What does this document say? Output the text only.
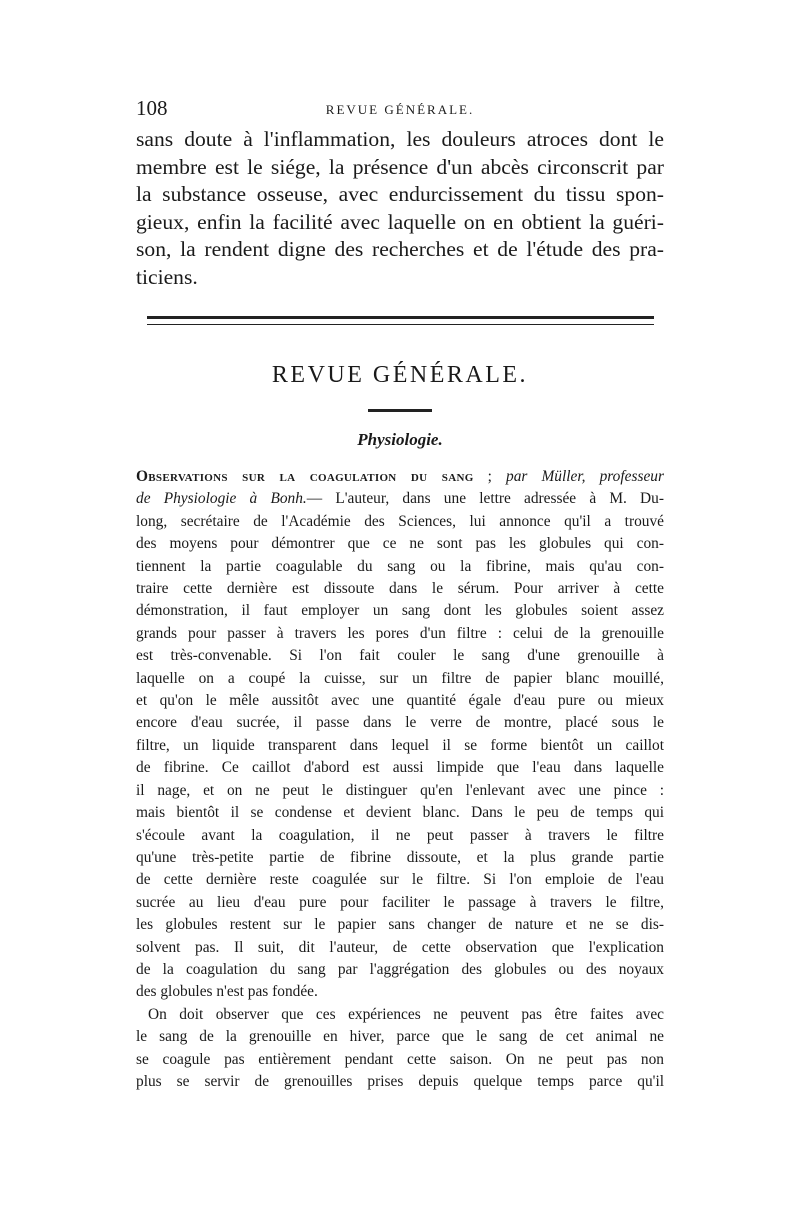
108	REVUE GÉNÉRALE.
sans doute à l'inflammation, les douleurs atroces dont le
membre est le siége, la présence d'un abcès circonscrit par
la substance osseuse, avec endurcissement du tissu spon-
gieux, enfin la facilité avec laquelle on en obtient la guéri-
son, la rendent digne des recherches et de l'étude des pra-
ticiens.
REVUE GÉNÉRALE.
Physiologie.
Observations sur la coagulation du sang ; par Müller, professeur
de Physiologie à Bonh.— L'auteur, dans une lettre adressée à M. Du-
long, secrétaire de l'Académie des Sciences, lui annonce qu'il a trouvé
des moyens pour démontrer que ce ne sont pas les globules qui con-
tiennent la partie coagulable du sang ou la fibrine, mais qu'au con-
traire cette dernière est dissoute dans le sérum. Pour arriver à cette
démonstration, il faut employer un sang dont les globules soient assez
grands pour passer à travers les pores d'un filtre : celui de la grenouille
est très-convenable. Si l'on fait couler le sang d'une grenouille à
laquelle on a coupé la cuisse, sur un filtre de papier blanc mouillé,
et qu'on le mêle aussitôt avec une quantité égale d'eau pure ou mieux
encore d'eau sucrée, il passe dans le verre de montre, placé sous le
filtre, un liquide transparent dans lequel il se forme bientôt un caillot
de fibrine. Ce caillot d'abord est aussi limpide que l'eau dans laquelle
il nage, et on ne peut le distinguer qu'en l'enlevant avec une pince :
mais bientôt il se condense et devient blanc. Dans le peu de temps qui
s'écoule avant la coagulation, il ne peut passer à travers le filtre
qu'une très-petite partie de fibrine dissoute, et la plus grande partie
de cette dernière reste coagulée sur le filtre. Si l'on emploie de l'eau
sucrée au lieu d'eau pure pour faciliter le passage à travers le filtre,
les globules restent sur le papier sans changer de nature et ne se dis-
solvent pas. Il suit, dit l'auteur, de cette observation que l'explication
de la coagulation du sang par l'aggrégation des globules ou des noyaux
des globules n'est pas fondée.
On doit observer que ces expériences ne peuvent pas être faites avec
le sang de la grenouille en hiver, parce que le sang de cet animal ne
se coagule pas entièrement pendant cette saison. On ne peut pas non
plus se servir de grenouilles prises depuis quelque temps parce qu'il
